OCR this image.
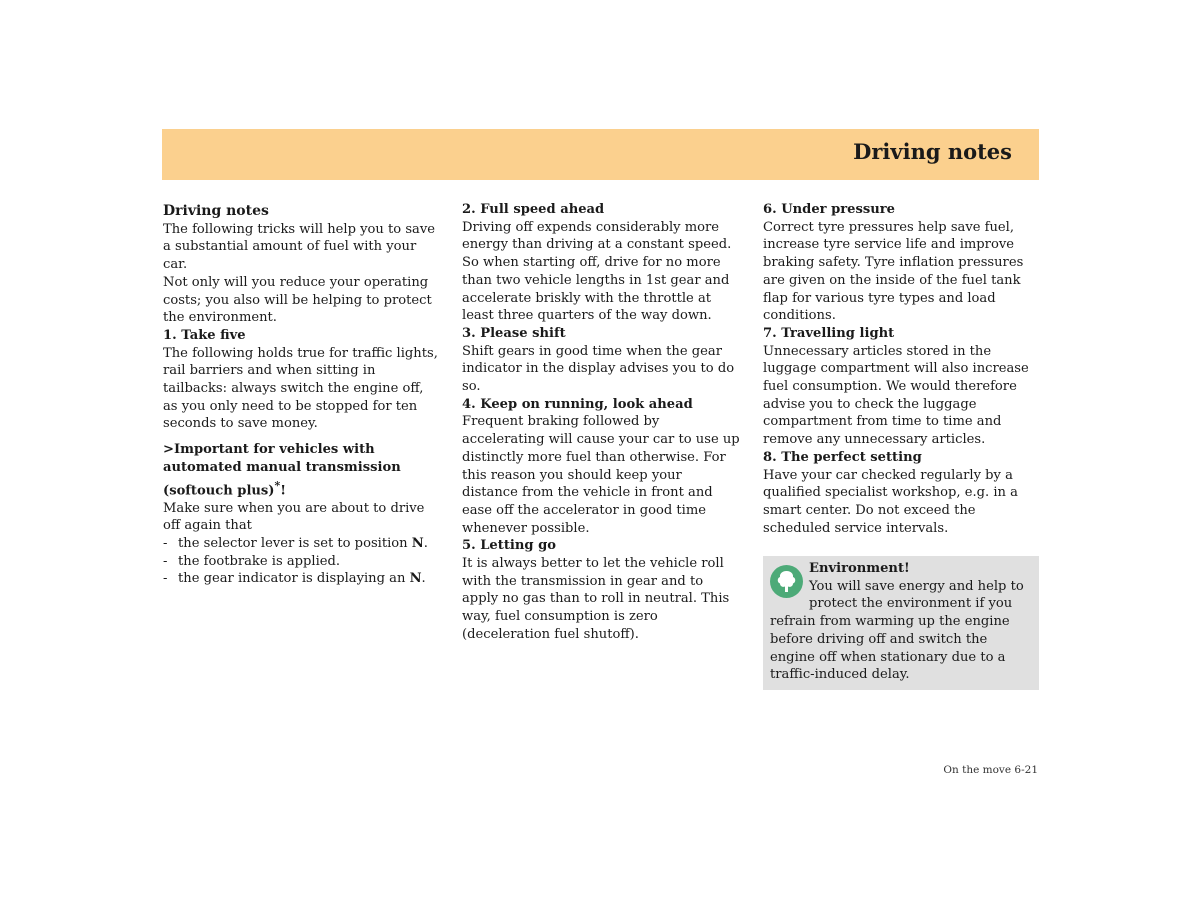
Driving notes

Driving notes

The following tricks will help you to save a substantial amount of fuel with your car.

Not only will you reduce your operating costs; you also will be helping to protect the environment.

1. Take five

The following holds true for traffic lights, rail barriers and when sitting in tailbacks: always switch the engine off, as you only need to be stopped for ten seconds to save money.

>Important for vehicles with automated manual transmission (softouch plus)*!

Make sure when you are about to drive off again that

- the selector lever is set to position N.
- the footbrake is applied.
- the gear indicator is displaying an N.

2. Full speed ahead

Driving off expends considerably more energy than driving at a constant speed. So when starting off, drive for no more than two vehicle lengths in 1st gear and accelerate briskly with the throttle at least three quarters of the way down.

3. Please shift

Shift gears in good time when the gear indicator in the display advises you to do so.

4. Keep on running, look ahead

Frequent braking followed by accelerating will cause your car to use up distinctly more fuel than otherwise. For this reason you should keep your distance from the vehicle in front and ease off the accelerator in good time whenever possible.

5. Letting go

It is always better to let the vehicle roll with the transmission in gear and to apply no gas than to roll in neutral. This way, fuel consumption is zero (deceleration fuel shutoff).

6. Under pressure

Correct tyre pressures help save fuel, increase tyre service life and improve braking safety. Tyre inflation pressures are given on the inside of the fuel tank flap for various tyre types and load conditions.

7. Travelling light

Unnecessary articles stored in the luggage compartment will also increase fuel consumption. We would therefore advise you to check the luggage compartment from time to time and remove any unnecessary articles.

8. The perfect setting

Have your car checked regularly by a qualified specialist workshop, e.g. in a smart center. Do not exceed the scheduled service intervals.

Environment!

You will save energy and help to protect the environment if you refrain from warming up the engine before driving off and switch the engine off when stationary due to a traffic-induced delay.

On the move 6-21
